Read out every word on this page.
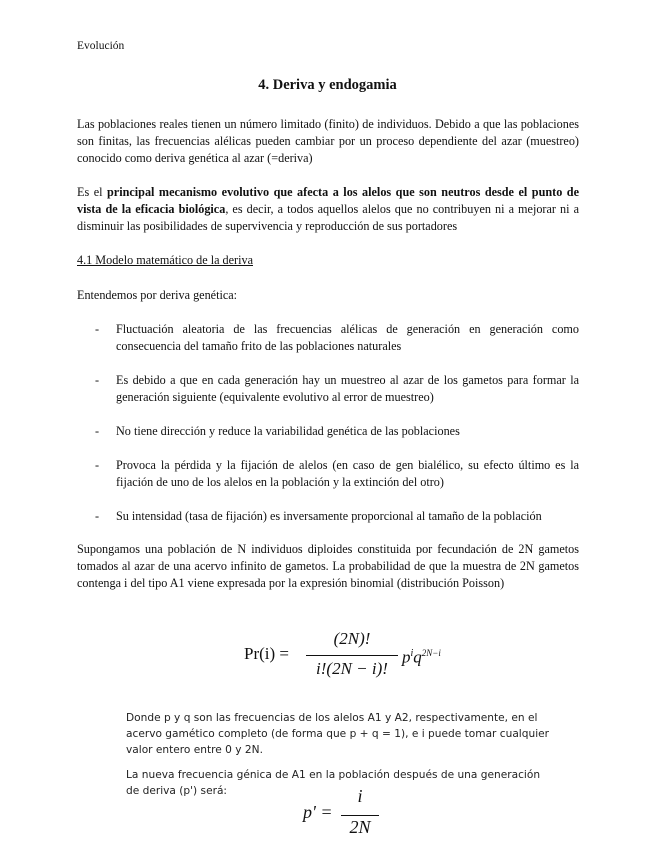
Evolución
4. Deriva y endogamia

Las poblaciones reales tienen un número limitado (finito) de individuos. Debido a que las poblaciones son finitas, las frecuencias alélicas pueden cambiar por un proceso dependiente del azar (muestreo) conocido como deriva genética al azar (=deriva)

Es el principal mecanismo evolutivo que afecta a los alelos que son neutros desde el punto de vista de la eficacia biológica, es decir, a todos aquellos alelos que no contribuyen ni a mejorar ni a disminuir las posibilidades de supervivencia y reproducción de sus portadores

4.1 Modelo matemático de la deriva

Entendemos por deriva genética:

- Fluctuación aleatoria de las frecuencias alélicas de generación en generación como consecuencia del tamaño frito de las poblaciones naturales
- Es debido a que en cada generación hay un muestreo al azar de los gametos para formar la generación siguiente (equivalente evolutivo al error de muestreo)
- No tiene dirección y reduce la variabilidad genética de las poblaciones
- Provoca la pérdida y la fijación de alelos (en caso de gen bialélico, su efecto último es la fijación de uno de los alelos en la población y la extinción del otro)
- Su intensidad (tasa de fijación) es inversamente proporcional al tamaño de la población

Supongamos una población de N individuos diploides constituida por fecundación de 2N gametos tomados al azar de una acervo infinito de gametos. La probabilidad de que la muestra de 2N gametos contenga i del tipo A1 viene expresada por la expresión binomial (distribución Poisson)

Pr(i) =
(2N)!
i!(2N − i)!
$p^iq^{2N-i}$
Donde p y q son las frecuencias de los alelos A1 y A2, respectivamente, en el acervo gamético completo (de forma que p + q = 1), e i puede tomar cualquier valor entero entre 0 y 2N.
La nueva frecuencia génica de A1 en la población después de una generación de deriva (p') será:
p' =
i
2N
